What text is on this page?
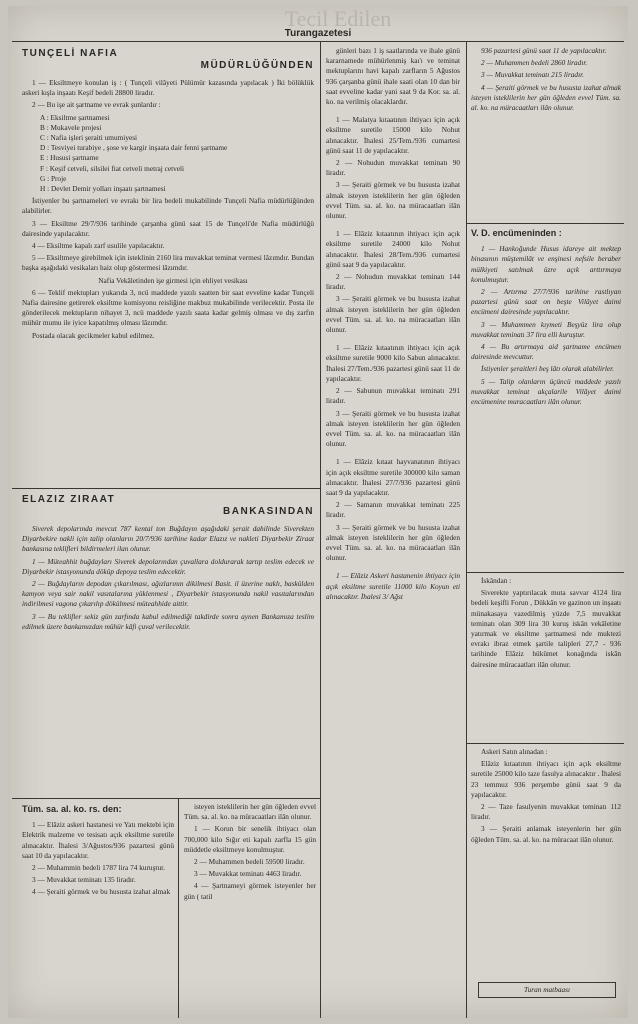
Tecil Edilen
Turangazetesi
TUNÇELİ NAFIA
MÜDÜRLÜĞÜNDEN

1 — Eksiltmeye konulan iş : ( Tunçeli vilâyeti Pülümür kazasında yapılacak ) İki bölüklük askeri kışla inşaatı Keşif bedeli 28800 liradır.

2 — Bu işe ait şartname ve evrak şunlardır :

A : Eksiltme şartnamesi
B : Mukavele projesi
C : Nafia işleri şeraiti umumiyesi
D : Tesviyei turabiye , şose ve kargir inşaata dair fenni şartname
E : Hususi şartname
F : Keşif cetveli, silsilei fiat cetveli metraj cetveli
G : Proje
H : Devlet Demir yolları inşaatı şartnamesi

İstiyenler bu şartnameleri ve evrakı bir lira bedeli mukabilinde Tunçeli Nafia müdürlüğünden alabilirler.

3 — Eksiltme 29/7/936 tarihinde çarşanba günü saat 15 de Tunçeli'de Nafia müdürlüğü dairesinde yapılacaktır.

4 — Eksiltme kapalı zarf usulile yapılacaktır.

5 — Eksiltmeye girebilmek için isteklinin 2160 lira muvakkat teminat vermesi lâzımdır. Bundan başka aşağıdaki vesikaları haiz olup göstermesi lâzımdır.

Nafia Vekâletinden işe girmesi için ehliyet vesikası

6 — Teklif mektupları yukarıda 3, ncü maddede yazılı saatten bir saat evveline kadar Tunçeli Nafia dairesine getirerek eksiltme komisyonu reisliğine makbuz mukabilinde verilecektir. Posta ile gönderilecek mektupların nihayet 3, ncü maddede yazılı saata kadar gelmiş olması ve dış zarfın mühür mumu ile iyice kapatılmış olması lâzımdır.

Postada olacak gecikmeler kabul edilmez.

ELAZIZ ZIRAAT
BANKASINDAN

Siverek depolarında mevcut 787 kental ton Buğdayın aşağıdaki şerait dahilinde Siverekten Diyarbekire nakli için talip olanların 20/7/936 tarihine kadar Elazız ve nakleti Diyarbekir Ziraat bankasına teklifleri bildirmeleri ilan olunur.

1 — Müteahhit buğdayları Siverek depolarından çuvallara doldurarak tartıp teslim edecek ve Diyarbekir istasyonunda döküp depoya teslim edecektir.

2 — Buğdayların depodan çıkarılması, ağızlarının dikilmesi Basit. il üzerine naklı, baskülden kamyon veya sair nakil vasıtalarına yüklenmesi , Diyarbekir istasyonunda nakil vasıtalarından indirilmesi vagona çıkarılıp dökülmesi müteahhide aittir.

3 — Bu teklifler sekiz gün zarfında kabul edilmediği takdirde sonra aynen Bankamıza teslim edilmek üzere bankamızdan mühür kâfi çuval verilecektir.

Tüm. sa. al. ko. rs. den:

1 — Elâziz askeri hastanesi ve Yatı mektebi için Elektrik malzeme ve tesisatı açık eksiltme suretile alınacaktır. İhalesi 3/Ağustos/936 pazartesi günü saat 10 da yapılacaktır.

2 — Muhammin bedeli 1787 lira 74 kuruştur.

3 — Muvakkat teminatı 135 liradır.

4 — Şeraiti görmek ve bu hususta izahat almak

isteyen isteklilerin her gün öğleden evvel Tüm. sa. al. ko. na müracaatları ilân olunur.

1 — Korun bir senelik ihtiyacı olan 700,000 kilo Sığır eti kapalı zarfla 15 gün müddetle eksiltmeye konulmuştur.

2 — Muhammen bedeli 59500 liradır.

3 — Muvakkat teminatı 4463 liradır.

4 — Şartnameyi görmek isteyenler her gün ( tatil

günleri bazı 1 iş saatlarında ve ihale günü kararnamede mühürlenmiş kaı'ı ve teminat mektuplarını havi kapalı zarfların 5 Ağustos 936 çarşanba günü ihale saati olan 10 dan bir saat evveline kadar yani saat 9 da Kor. sa. al. ko. na verilmiş olacaklardır.

1 — Malatya kıtaatının ihtiyacı için açık eksiltme suretile 15000 kilo Nohut alınacaktır. İhalesi 25/Tem./936 cumartesi günü saat 11 de yapılacaktır.

2 — Nohudun muvakkat teminatı 90 liradır.

3 — Şeraiti görmek ve bu hususta izahat almak isteyen isteklilerin her gün öğleden evvel Tüm. sa. al. ko. na müracaatları ilân olunur.

1 — Elâziz kıtaatının ihtiyacı için açık eksiltme suretile 24000 kilo Nohut alınacaktır. İhalesi 28/Tem./936 cumartesi günü saat 9 da yapılacaktır.

2 — Nohudun muvakkat teminatı 144 liradır.

3 — Şeraiti görmek ve bu hususta izahat almak isteyen isteklilerin her gün öğleden evvel Tüm. sa. al. ko. na müracaatları ilân olunur.

1 — Elâziz kıtaatının ihtiyacı için açık eksiltme suretile 9000 kilo Sabun alınacaktır. İhalesi 27/Tem./936 pazartesi günü saat 11 de yapılacaktır.

2 — Sabunun muvakkat teminatı 291 liradır.

3 — Şeraiti görmek ve bu hususta izahat almak isteyen isteklilerin her gün öğleden evvel Tüm. sa. al. ko. na müracaatları ilân olunur.

1 — Elâziz kıtaat hayvanatının ihtiyacı için açık eksiltme suretile 300000 kilo saman alınacaktır. İhalesi 27/7/936 pazartesi günü saat 9 da yapılacaktır.

2 — Samanın muvakkat teminatı 225 liradır.

3 — Şeraiti görmek ve bu hususta izahat almak isteyen isteklilerin her gün öğleden evvel Tüm. sa. al. ko. na müracaatları ilân olunur.

1 — Elâziz Askeri hastanenin ihtiyacı için açık eksiltme suretile 11000 kilo Koyun eti alınacaktır. İhalesi 3/ Ağst

936 pazartesi günü saat 11 de yapılacaktır.

2 — Muhammen bedeli 2860 liradır.

3 — Muvakkat teminatı 215 liradır.

4 — Şeraiti görmek ve bu hususta izahat almak isteyen isteklilerin her gün öğleden evvel Tüm. sa. al. ko. na müracaatları ilân olunur.

V. D. encümeninden :

1 — Hankoğunde Husus idareye ait mektep binasının müştemilât ve enşinesi nefsile beraber mülkiyeti satılmak üzre açık arttırmaya konulmuştur.

2 — Artırma 27/7/936 tarihine rastlıyan pazartesi günü saat on beşte Vilâyet daimi encümeni dairesinde yapılacaktır.

3 — Muhammen kıymeti Beşyüz lira olup muvakkat teminatı 37 lira elli kuruştur.

4 — Bu artırmaya aid şartname encümen dairesinde mevcuttur.

İstiyenler şeraitleri beş lâtı olarak alabilirler.

5 — Talip olanların üçüncü maddede yazılı muvakkat teminat akçalarile Vilâyet daimi encümenine muracaatları ilân olunur.

İskândan :

Siverekte yaptırılacak muta savvar 4124 lira bedeli keşifli Forun , Dükkân ve gazinon un inşaatı münakasaya vazedilmiş yüzde 7,5 muvakkat teminatı olan 309 lira 30 kuruş iskân vekâletine yatırmak ve eksiltme şartnamesi nde muktezi evrakı ibraz etmek şartile talipleri 27,7 - 936 tarihinde Elâziz hükümet konağında iskân dairesine müracaatları ilân olunur.

Askeri Satın alınadan :

Elâziz kıtaatının ihtiyacı için açık eksiltme suretile 25000 kilo taze fasulya alınacaktır . İhalesi 23 temmuz 936 perşembe günü saat 9 da yapılacaktır.

2 — Taze fasulyenin muvakkat teminatı 112 liradır.

3 — Şeraiti anlamak isteyenlerin her gün öğleden Tüm. sa. al. ko. na müracaat ilân olunur.

Turan matbaası
